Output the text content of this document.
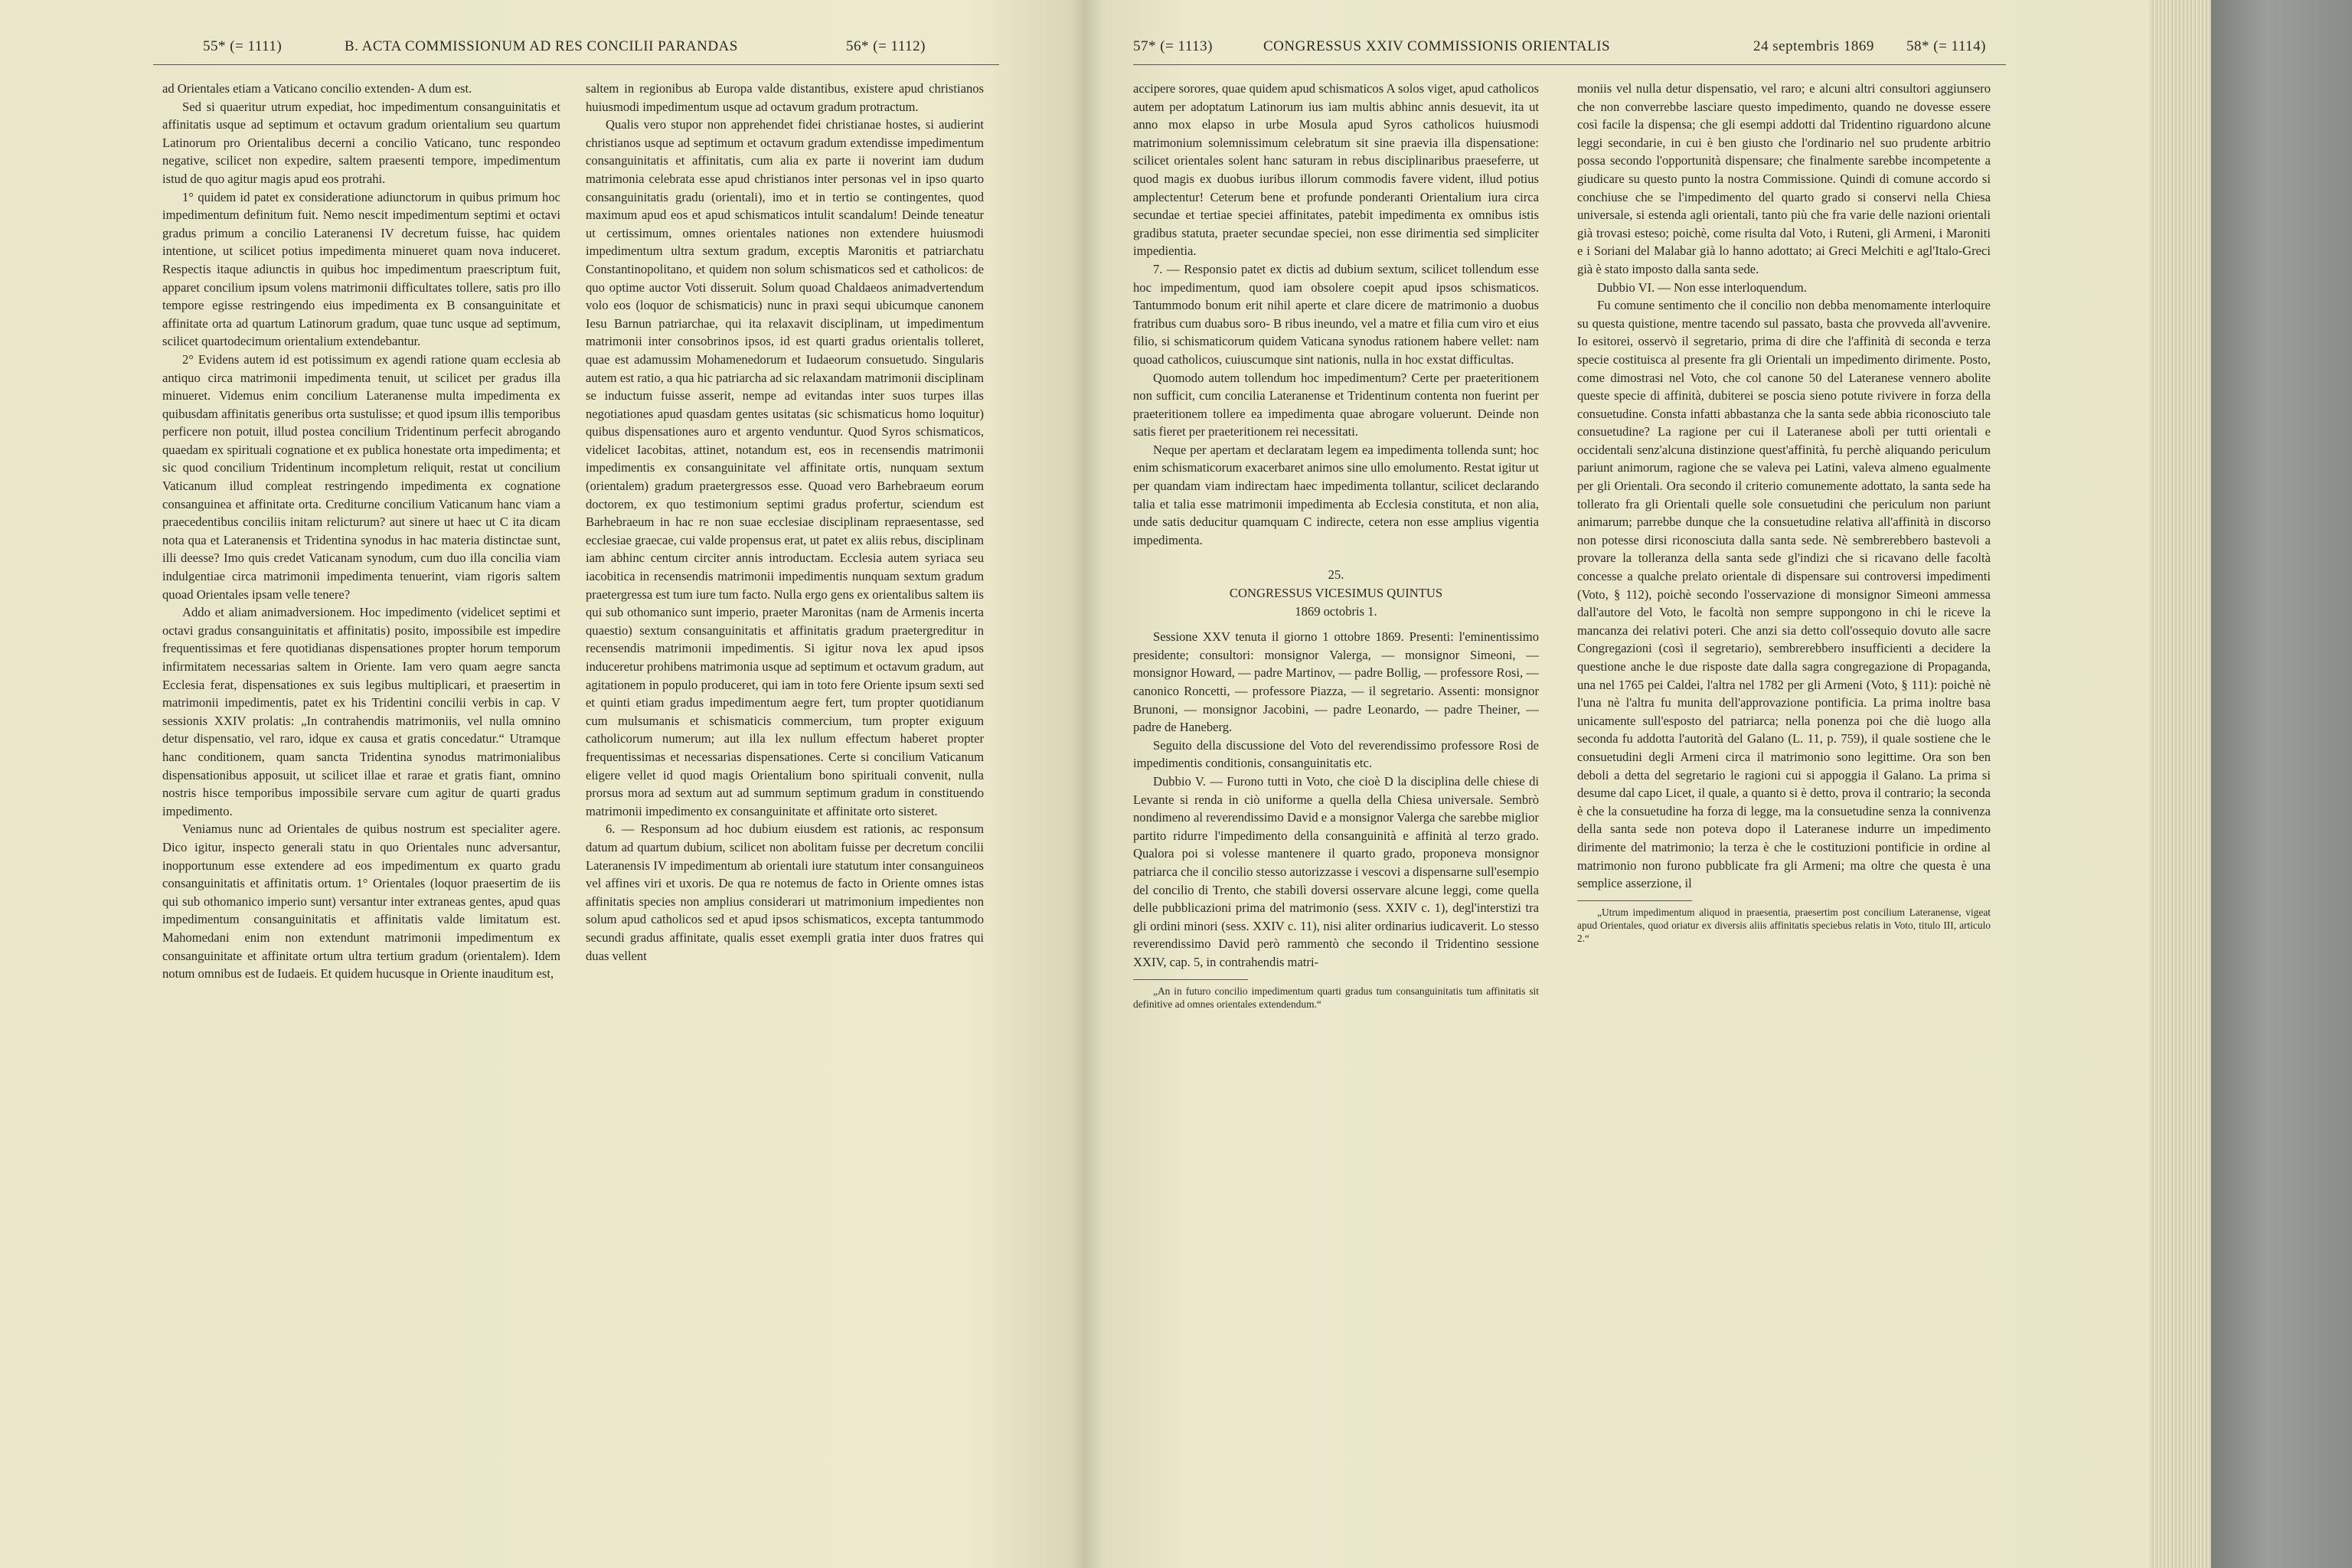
55* (= 1111)	B. ACTA COMMISSIONUM AD RES CONCILII PARANDAS	56* (= 1112)

ad Orientales etiam a Vaticano concilio extenden- A dum est.

Sed si quaeritur utrum expediat, hoc impedimentum consanguinitatis et affinitatis usque ad septimum et octavum gradum orientalium seu quartum Latinorum pro Orientalibus decerni a concilio Vaticano, tunc respondeo negative, scilicet non expedire, saltem praesenti tempore, impedimentum istud de quo agitur magis apud eos protrahi.

1° quidem id patet ex consideratione adiunctorum in quibus primum hoc impedimentum definitum fuit. Nemo nescit impedimentum septimi et octavi gradus primum a concilio Lateranensi IV decretum fuisse, hac quidem intentione, ut scilicet potius impedimenta minueret quam nova induceret. Respectis itaque adiunctis in quibus hoc impedimentum praescriptum fuit, apparet concilium ipsum volens matrimonii difficultates tollere, satis pro illo tempore egisse restringendo eius impedimenta ex B consanguinitate et affinitate orta ad quartum Latinorum gradum, quae tunc usque ad septimum, scilicet quartodecimum orientalium extendebantur.

2° Evidens autem id est potissimum ex agendi ratione quam ecclesia ab antiquo circa matrimonii impedimenta tenuit, ut scilicet per gradus illa minueret. Videmus enim concilium Lateranense multa impedimenta ex quibusdam affinitatis generibus orta sustulisse; et quod ipsum illis temporibus perficere non potuit, illud postea concilium Tridentinum perfecit abrogando quaedam ex spirituali cognatione et ex publica honestate orta impedimenta; et sic quod concilium Tridentinum incompletum reliquit, restat ut concilium Vaticanum illud compleat restringendo impedimenta ex cognatione consanguinea et affinitate orta. Crediturne concilium Vaticanum hanc viam a praecedentibus conciliis initam relicturum? aut sinere ut haec ut C ita dicam nota qua et Lateranensis et Tridentina synodus in hac materia distinctae sunt, illi deesse? Imo quis credet Vaticanam synodum, cum duo illa concilia viam indulgentiae circa matrimonii impedimenta tenuerint, viam rigoris saltem quoad Orientales ipsam velle tenere?

Addo et aliam animadversionem. Hoc impedimento (videlicet septimi et octavi gradus consanguinitatis et affinitatis) posito, impossibile est impedire frequentissimas et fere quotidianas dispensationes propter horum temporum infirmitatem necessarias saltem in Oriente. Iam vero quam aegre sancta Ecclesia ferat, dispensationes ex suis legibus multiplicari, et praesertim in matrimonii impedimentis, patet ex his Tridentini concilii verbis in cap. V sessionis XXIV prolatis: „In contrahendis matrimoniis, vel nulla omnino detur dispensatio, vel raro, idque ex causa et gratis concedatur.“ Utramque hanc conditionem, quam sancta Tridentina synodus matrimonialibus dispensationibus apposuit, ut scilicet illae et rarae et gratis fiant, omnino nostris hisce temporibus impossibile servare cum agitur de quarti gradus impedimento.

Veniamus nunc ad Orientales de quibus nostrum est specialiter agere. Dico igitur, inspecto generali statu in quo Orientales nunc adversantur, inopportunum esse extendere ad eos impedimentum ex quarto gradu consanguinitatis et affinitatis ortum. 1° Orientales (loquor praesertim de iis qui sub othomanico imperio sunt) versantur inter extraneas gentes, apud quas impedimentum consanguinitatis et affinitatis valde limitatum est. Mahomedani enim non extendunt matrimonii impedimentum ex consanguinitate et affinitate ortum ultra tertium gradum (orientalem). Idem notum omnibus est de Iudaeis. Et quidem hucusque in Oriente inauditum est,

saltem in regionibus ab Europa valde distantibus, existere apud christianos huiusmodi impedimentum usque ad octavum gradum protractum.

Qualis vero stupor non apprehendet fidei christianae hostes, si audierint christianos usque ad septimum et octavum gradum extendisse impedimentum consanguinitatis et affinitatis, cum alia ex parte ii noverint iam dudum matrimonia celebrata esse apud christianos inter personas vel in ipso quarto consanguinitatis gradu (orientali), imo et in tertio se contingentes, quod maximum apud eos et apud schismaticos intulit scandalum! Deinde teneatur ut certissimum, omnes orientales nationes non extendere huiusmodi impedimentum ultra sextum gradum, exceptis Maronitis et patriarchatu Constantinopolitano, et quidem non solum schismaticos sed et catholicos: de quo optime auctor Voti disseruit. Solum quoad Chaldaeos animadvertendum volo eos (loquor de schismaticis) nunc in praxi sequi ubicumque canonem Iesu Barnun patriarchae, qui ita relaxavit disciplinam, ut impedimentum matrimonii inter consobrinos ipsos, id est quarti gradus orientalis tolleret, quae est adamussim Mohamenedorum et Iudaeorum consuetudo. Singularis autem est ratio, a qua hic patriarcha ad sic relaxandam matrimonii disciplinam se inductum fuisse asserit, nempe ad evitandas inter suos turpes illas negotiationes apud quasdam gentes usitatas (sic schismaticus homo loquitur) quibus dispensationes auro et argento venduntur. Quod Syros schismaticos, videlicet Iacobitas, attinet, notandum est, eos in recensendis matrimonii impedimentis ex consanguinitate vel affinitate ortis, nunquam sextum (orientalem) gradum praetergressos esse. Quoad vero Barhebraeum eorum doctorem, ex quo testimonium septimi gradus profertur, sciendum est Barhebraeum in hac re non suae ecclesiae disciplinam repraesentasse, sed ecclesiae graecae, cui valde propensus erat, ut patet ex aliis rebus, disciplinam iam abhinc centum circiter annis introductam. Ecclesia autem syriaca seu iacobitica in recensendis matrimonii impedimentis nunquam sextum gradum praetergressa est tum iure tum facto. Nulla ergo gens ex orientalibus saltem iis qui sub othomanico sunt imperio, praeter Maronitas (nam de Armenis incerta quaestio) sextum consanguinitatis et affinitatis gradum praetergreditur in recensendis matrimonii impedimentis. Si igitur nova lex apud ipsos induceretur prohibens matrimonia usque ad septimum et octavum gradum, aut agitationem in populo produceret, qui iam in toto fere Oriente ipsum sexti sed et quinti etiam gradus impedimentum aegre fert, tum propter quotidianum cum mulsumanis et schismaticis commercium, tum propter exiguum catholicorum numerum; aut illa lex nullum effectum haberet propter frequentissimas et necessarias dispensationes. Certe si concilium Vaticanum eligere vellet id quod magis Orientalium bono spirituali convenit, nulla prorsus mora ad sextum aut ad summum septimum gradum in constituendo matrimonii impedimento ex consanguinitate et affinitate orto sisteret.

6. — Responsum ad hoc dubium eiusdem est rationis, ac responsum datum ad quartum dubium, scilicet non abolitam fuisse per decretum concilii Lateranensis IV impedimentum ab orientali iure statutum inter consanguineos vel affines viri et uxoris. De qua re notemus de facto in Oriente omnes istas affinitatis species non amplius considerari ut matrimonium impedientes non solum apud catholicos sed et apud ipsos schismaticos, excepta tantummodo secundi gradus affinitate, qualis esset exempli gratia inter duos fratres qui duas vellent

57* (= 1113)	CONGRESSUS XXIV COMMISSIONIS ORIENTALIS	24 septembris 1869 58* (= 1114)

accipere sorores, quae quidem apud schismaticos A solos viget, apud catholicos autem per adoptatum Latinorum ius iam multis abhinc annis desuevit, ita ut anno mox elapso in urbe Mosula apud Syros catholicos huiusmodi matrimonium solemnissimum celebratum sit sine praevia illa dispensatione: scilicet orientales solent hanc saturam in rebus disciplinaribus praeseferre, ut quod magis ex duobus iuribus illorum commodis favere vident, illud potius amplectentur! Ceterum bene et profunde ponderanti Orientalium iura circa secundae et tertiae speciei affinitates, patebit impedimenta ex omnibus istis gradibus statuta, praeter secundae speciei, non esse dirimentia sed simpliciter impedientia.

7. — Responsio patet ex dictis ad dubium sextum, scilicet tollendum esse hoc impedimentum, quod iam obsolere coepit apud ipsos schismaticos. Tantummodo bonum erit nihil aperte et clare dicere de matrimonio a duobus fratribus cum duabus soro- B ribus ineundo, vel a matre et filia cum viro et eius filio, si schismaticorum quidem Vaticana synodus rationem habere vellet: nam quoad catholicos, cuiuscumque sint nationis, nulla in hoc exstat difficultas.

Quomodo autem tollendum hoc impedimentum? Certe per praeteritionem non sufficit, cum concilia Lateranense et Tridentinum contenta non fuerint per praeteritionem tollere ea impedimenta quae abrogare voluerunt. Deinde non satis fieret per praeteritionem rei necessitati.

Neque per apertam et declaratam legem ea impedimenta tollenda sunt; hoc enim schismaticorum exacerbaret animos sine ullo emolumento. Restat igitur ut per quandam viam indirectam haec impedimenta tollantur, scilicet declarando talia et talia esse matrimonii impedimenta ab Ecclesia constituta, et non alia, unde satis deducitur quamquam C indirecte, cetera non esse amplius vigentia impedimenta.

25.

CONGRESSUS VICESIMUS QUINTUS

1869 octobris 1.

Sessione XXV tenuta il giorno 1 ottobre 1869. Presenti: l'eminentissimo presidente; consultori: monsignor Valerga, — monsignor Simeoni, — monsignor Howard, — padre Martinov, — padre Bollig, — professore Rosi, — canonico Roncetti, — professore Piazza, — il segretario. Assenti: monsignor Brunoni, — monsignor Jacobini, — padre Leonardo, — padre Theiner, — padre de Haneberg.

Seguito della discussione del Voto del reverendissimo professore Rosi de impedimentis conditionis, consanguinitatis etc.

Dubbio V. — Furono tutti in Voto, che cioè D la disciplina delle chiese di Levante si renda in ciò uniforme a quella della Chiesa universale. Sembrò nondimeno al reverendissimo David e a monsignor Valerga che sarebbe miglior partito ridurre l'impedimento della consanguinità e affinità al terzo grado. Qualora poi si volesse mantenere il quarto grado, proponeva monsignor patriarca che il concilio stesso autorizzasse i vescovi a dispensarne sull'esempio del concilio di Trento, che stabilì doversi osservare alcune leggi, come quella delle pubblicazioni prima del matrimonio (sess. XXIV c. 1), degl'interstizi tra gli ordini minori (sess. XXIV c. 11), nisi aliter ordinarius iudicaverit. Lo stesso reverendissimo David però rammentò che secondo il Tridentino sessione XXIV, cap. 5, in contrahendis matri-

„An in futuro concilio impedimentum quarti gradus tum consanguinitatis tum affinitatis sit definitive ad omnes orientales extendendum.“

moniis vel nulla detur dispensatio, vel raro; e alcuni altri consultori aggiunsero che non converrebbe lasciare questo impedimento, quando ne dovesse essere così facile la dispensa; che gli esempi addotti dal Tridentino riguardono alcune leggi secondarie, in cui è ben giusto che l'ordinario nel suo prudente arbitrio possa secondo l'opportunità dispensare; che finalmente sarebbe incompetente a giudicare su questo punto la nostra Commissione. Quindi di comune accordo si conchiuse che se l'impedimento del quarto grado si conservi nella Chiesa universale, si estenda agli orientali, tanto più che fra varie delle nazioni orientali già trovasi esteso; poichè, come risulta dal Voto, i Ruteni, gli Armeni, i Maroniti e i Soriani del Malabar già lo hanno adottato; ai Greci Melchiti e agl'Italo-Greci già è stato imposto dalla santa sede.

Dubbio VI. — Non esse interloquendum.

Fu comune sentimento che il concilio non debba menomamente interloquire su questa quistione, mentre tacendo sul passato, basta che provveda all'avvenire. Io esitorei, osservò il segretario, prima di dire che l'affinità di seconda e terza specie costituisca al presente fra gli Orientali un impedimento dirimente. Posto, come dimostrasi nel Voto, che col canone 50 del Lateranese vennero abolite queste specie di affinità, dubiterei se poscia sieno potute rivivere in forza della consuetudine. Consta infatti abbastanza che la santa sede abbia riconosciuto tale consuetudine? La ragione per cui il Lateranese abolì per tutti orientali e occidentali senz'alcuna distinzione quest'affinità, fu perchè aliquando periculum pariunt animorum, ragione che se valeva pei Latini, valeva almeno egualmente per gli Orientali. Ora secondo il criterio comunemente adottato, la santa sede ha tollerato fra gli Orientali quelle sole consuetudini che periculum non pariunt animarum; parrebbe dunque che la consuetudine relativa all'affinità in discorso non potesse dirsi riconosciuta dalla santa sede. Nè sembrerebbero bastevoli a provare la tolleranza della santa sede gl'indizi che si ricavano delle facoltà concesse a qualche prelato orientale di dispensare sui controversi impedimenti (Voto, § 112), poichè secondo l'osservazione di monsignor Simeoni ammessa dall'autore del Voto, le facoltà non sempre suppongono in chi le riceve la mancanza dei relativi poteri. Che anzi sia detto coll'ossequio dovuto alle sacre Congregazioni (così il segretario), sembrerebbero insufficienti a decidere la questione anche le due risposte date dalla sagra congregazione di Propaganda, una nel 1765 pei Caldei, l'altra nel 1782 per gli Armeni (Voto, § 111): poichè nè l'una nè l'altra fu munita dell'approvazione pontificia. La prima inoltre basa unicamente sull'esposto del patriarca; nella ponenza poi che diè luogo alla seconda fu addotta l'autorità del Galano (L. 11, p. 759), il quale sostiene che le consuetudini degli Armeni circa il matrimonio sono legittime. Ora son ben deboli a detta del segretario le ragioni cui si appoggia il Galano. La prima si desume dal capo Licet, il quale, a quanto si è detto, prova il contrario; la seconda è che la consuetudine ha forza di legge, ma la consuetudine senza la connivenza della santa sede non poteva dopo il Lateranese indurre un impedimento dirimente del matrimonio; la terza è che le costituzioni pontificie in ordine al matrimonio non furono pubblicate fra gli Armeni; ma oltre che questa è una semplice asserzione, il

„Utrum impedimentum aliquod in praesentia, praesertim post concilium Lateranense, vigeat apud Orientales, quod oriatur ex diversis aliis affinitatis speciebus relatis in Voto, titulo III, articulo 2.“
